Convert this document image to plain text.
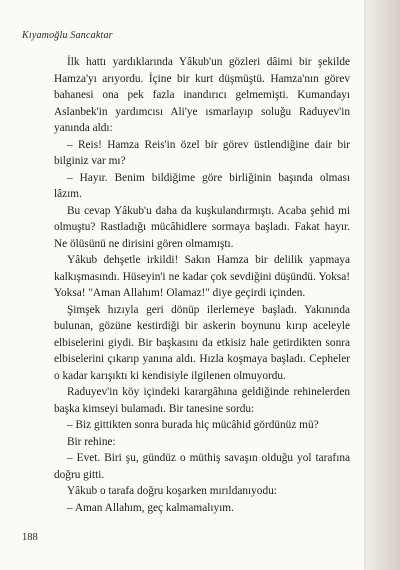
Kıyamoğlu Sancaktar

İlk hattı yardıklarında Yâkub'un gözleri dâimi bir şekilde Hamza'yı arıyordu. İçine bir kurt düşmüştü. Hamza'nın görev bahanesi ona pek fazla inandırıcı gelmemişti. Kumandayı Aslanbek'in yardımcısı Ali'ye ısmarlayıp soluğu Raduyev'in yanında aldı:

– Reis! Hamza Reis'in özel bir görev üstlendiğine dair bir bilginiz var mı?

– Hayır. Benim bildiğime göre birliğinin başında olması lâzım.

Bu cevap Yâkub'u daha da kuşkulandırmıştı. Acaba şehid mi olmuştu? Rastladığı mücâhidlere sormaya başladı. Fakat hayır. Ne ölüsünü ne dirisini gören olmamıştı.

Yâkub dehşetle irkildi! Sakın Hamza bir delilik yapmaya kalkışmasındı. Hüseyin'i ne kadar çok sevdiğini düşündü. Yoksa! Yoksa! "Aman Allahım! Olamaz!" diye geçirdi içinden.

Şimşek hızıyla geri dönüp ilerlemeye başladı. Yakınında bulunan, gözüne kestirdiği bir askerin boynunu kırıp aceleyle elbiselerini giydi. Bir başkasını da etkisiz hale getirdikten sonra elbiselerini çıkarıp yanına aldı. Hızla koşmaya başladı. Cepheler o kadar karışıktı ki kendisiyle ilgilenen olmuyordu.

Raduyev'in köy içindeki karargâhına geldiğinde rehinelerden başka kimseyi bulamadı. Bir tanesine sordu:

– Biz gittikten sonra burada hiç mücâhid gördünüz mü?

Bir rehine:

– Evet. Biri şu, gündüz o müthiş savaşın olduğu yol tarafına doğru gitti.

Yâkub o tarafa doğru koşarken mırıldanıyodu:

– Aman Allahım, geç kalmamalıyım.

188
